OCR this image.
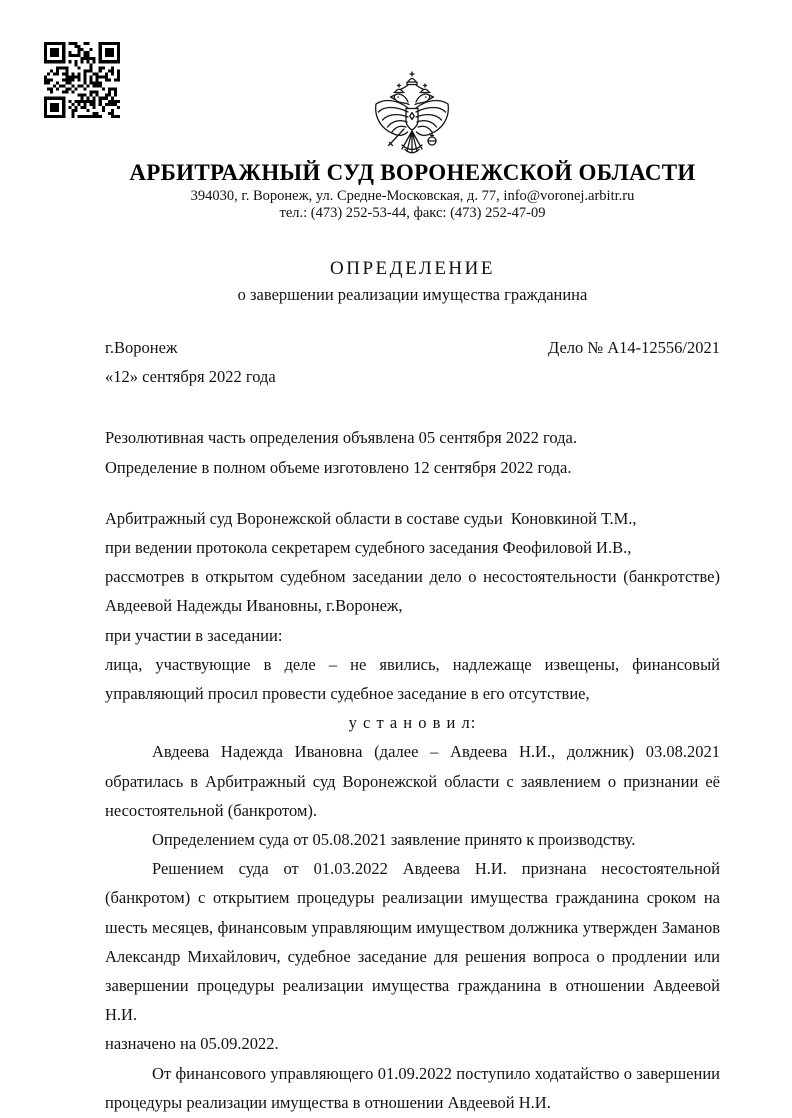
АРБИТРАЖНЫЙ СУД ВОРОНЕЖСКОЙ ОБЛАСТИ
394030, г. Воронеж, ул. Средне-Московская, д. 77, info@voronej.arbitr.ru
тел.: (473) 252-53-44, факс: (473) 252-47-09
ОПРЕДЕЛЕНИЕ
о завершении реализации имущества гражданина
г.Воронеж	Дело № А14-12556/2021
«12» сентября 2022 года
Резолютивная часть определения объявлена 05 сентября 2022 года.
Определение в полном объеме изготовлено 12 сентября 2022 года.
Арбитражный суд Воронежской области в составе судьи  Коновкиной Т.М.,
при ведении протокола секретарем судебного заседания Феофиловой И.В.,
рассмотрев в открытом судебном заседании дело о несостоятельности (банкротстве)
Авдеевой Надежды Ивановны, г.Воронеж,
при участии в заседании:
лица, участвующие в деле – не явились, надлежаще извещены, финансовый
управляющий просил провести судебное заседание в его отсутствие,
у с т а н о в и л:
Авдеева Надежда Ивановна (далее – Авдеева Н.И., должник) 03.08.2021
обратилась в Арбитражный суд Воронежской области с заявлением о признании её
несостоятельной (банкротом).
Определением суда от 05.08.2021 заявление принято к производству.
Решением суда от 01.03.2022 Авдеева Н.И. признана несостоятельной
(банкротом) с открытием процедуры реализации имущества гражданина сроком на
шесть месяцев, финансовым управляющим имуществом должника утвержден Заманов
Александр Михайлович, судебное заседание для решения вопроса о продлении или
завершении процедуры реализации имущества гражданина в отношении Авдеевой Н.И.
назначено на 05.09.2022.
От финансового управляющего 01.09.2022 поступило ходатайство о завершении
процедуры реализации имущества в отношении Авдеевой Н.И.
